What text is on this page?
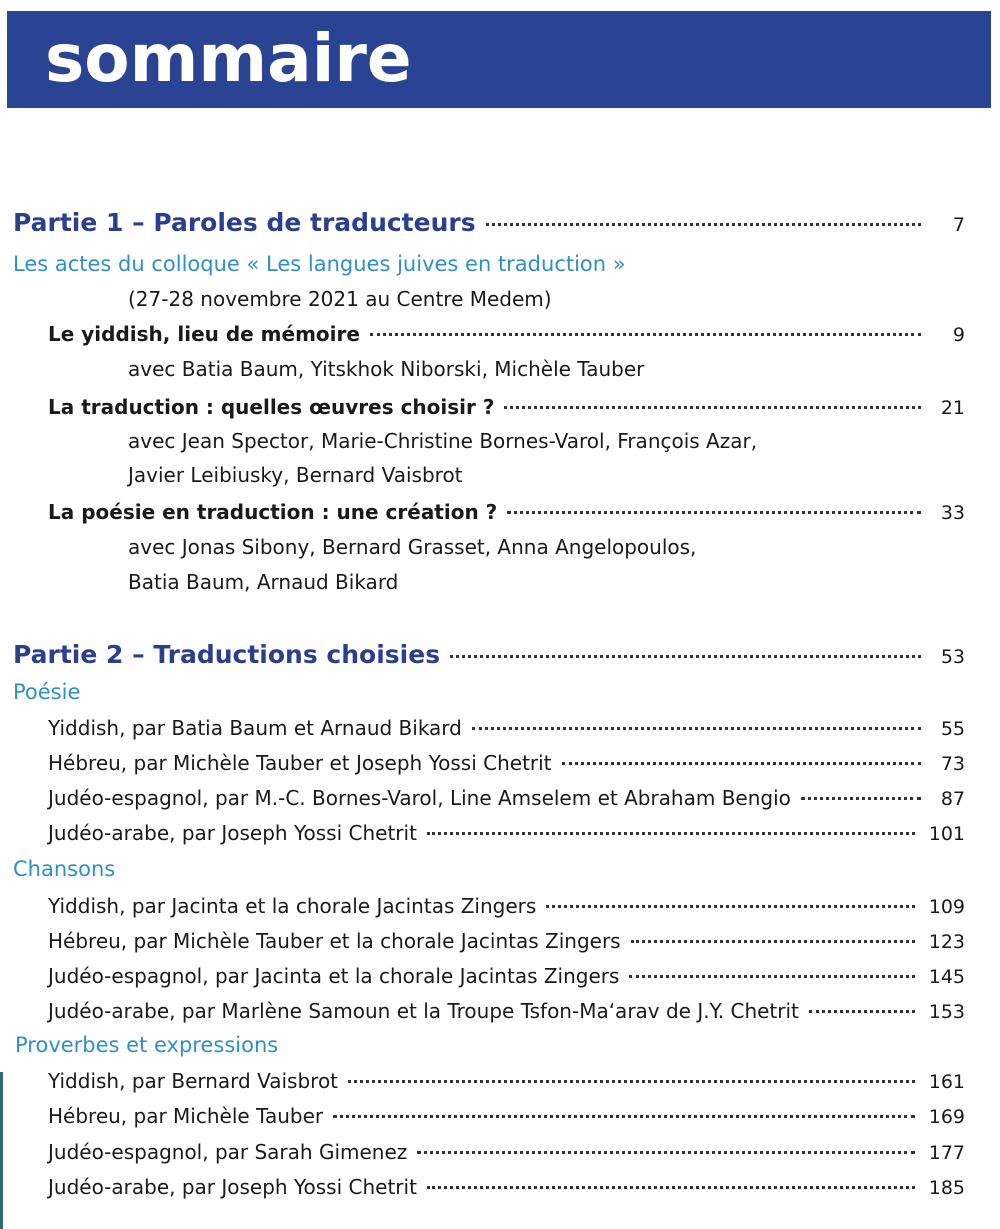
sommaire
Partie 1 – Paroles de traducteurs	7
Les actes du colloque « Les langues juives en traduction »
(27-28 novembre 2021 au Centre Medem)
Le yiddish, lieu de mémoire	9
avec Batia Baum, Yitskhok Niborski, Michèle Tauber
La traduction : quelles œuvres choisir ?	21
avec Jean Spector, Marie-Christine Bornes-Varol, François Azar,
Javier Leibiusky, Bernard Vaisbrot
La poésie en traduction : une création ?	33
avec Jonas Sibony, Bernard Grasset, Anna Angelopoulos,
Batia Baum, Arnaud Bikard
Partie 2 – Traductions choisies	53
Poésie
Yiddish, par Batia Baum et Arnaud Bikard	55
Hébreu, par Michèle Tauber et Joseph Yossi Chetrit	73
Judéo-espagnol, par M.-C. Bornes-Varol, Line Amselem et Abraham Bengio	87
Judéo-arabe, par Joseph Yossi Chetrit	101
Chansons
Yiddish, par Jacinta et la chorale Jacintas Zingers	109
Hébreu, par Michèle Tauber et la chorale Jacintas Zingers	123
Judéo-espagnol, par Jacinta et la chorale Jacintas Zingers	145
Judéo-arabe, par Marlène Samoun et la Troupe Tsfon-Ma‘arav de J.Y. Chetrit	153
Proverbes et expressions
Yiddish, par Bernard Vaisbrot	161
Hébreu, par Michèle Tauber	169
Judéo-espagnol, par Sarah Gimenez	177
Judéo-arabe, par Joseph Yossi Chetrit	185
